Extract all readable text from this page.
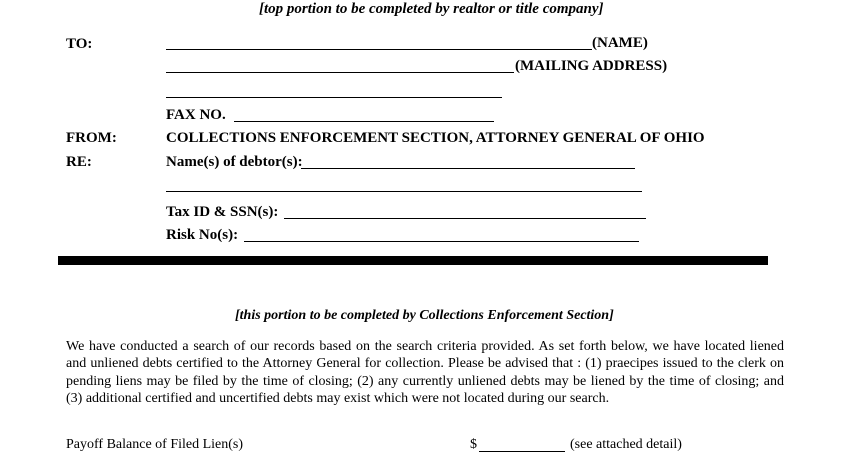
[top portion to be completed by realtor or title company]
TO:	(NAME)
(MAILING ADDRESS)
FAX NO.
FROM:	COLLECTIONS ENFORCEMENT SECTION, ATTORNEY GENERAL OF OHIO
RE:	Name(s) of debtor(s):
Tax ID & SSN(s):
Risk No(s):
[this portion to be completed by Collections Enforcement Section]
We have conducted a search of our records based on the search criteria provided. As set forth below, we have located liened
and unliened debts certified to the Attorney General for collection. Please be advised that : (1) praecipes issued to the clerk on
pending liens may be filed by the time of closing; (2) any currently unliened debts may be liened by the time of closing; and
(3) additional certified and uncertified debts may exist which were not located during our search.
Payoff Balance of Filed Lien(s)	$	(see attached detail)
